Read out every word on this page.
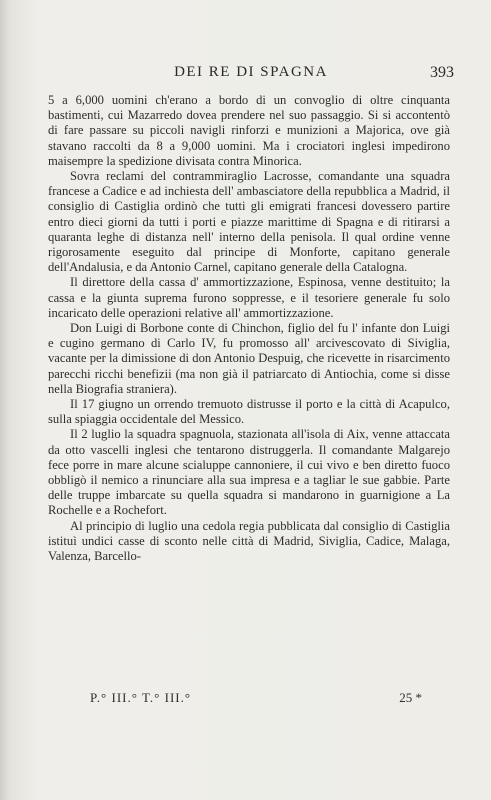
DEI RE DI SPAGNA	393

5 a 6,000 uomini ch'erano a bordo di un convoglio di oltre cinquanta bastimenti, cui Mazarredo dovea prendere nel suo passaggio. Si si accontentò di fare passare su piccoli navigli rinforzi e munizioni a Majorica, ove già stavano raccolti da 8 a 9,000 uomini. Ma i crociatori inglesi impedirono maisempre la spedizione divisata contra Minorica.

Sovra reclami del contrammiraglio Lacrosse, comandante una squadra francese a Cadice e ad inchiesta dell' ambasciatore della repubblica a Madrid, il consiglio di Castiglia ordinò che tutti gli emigrati francesi dovessero partire entro dieci giorni da tutti i porti e piazze marittime di Spagna e di ritirarsi a quaranta leghe di distanza nell' interno della penisola. Il qual ordine venne rigorosamente eseguito dal principe di Monforte, capitano generale dell'Andalusia, e da Antonio Carnel, capitano generale della Catalogna.

Il direttore della cassa d' ammortizzazione, Espinosa, venne destituito; la cassa e la giunta suprema furono soppresse, e il tesoriere generale fu solo incaricato delle operazioni relative all' ammortizzazione.

Don Luigi di Borbone conte di Chinchon, figlio del fu l' infante don Luigi e cugino germano di Carlo IV, fu promosso all' arcivescovato di Siviglia, vacante per la dimissione di don Antonio Despuig, che ricevette in risarcimento parecchi ricchi benefizii (ma non già il patriarcato di Antiochia, come si disse nella Biografia straniera).

Il 17 giugno un orrendo tremuoto distrusse il porto e la città di Acapulco, sulla spiaggia occidentale del Messico.

Il 2 luglio la squadra spagnuola, stazionata all'isola di Aix, venne attaccata da otto vascelli inglesi che tentarono distruggerla. Il comandante Malgarejo fece porre in mare alcune scialuppe cannoniere, il cui vivo e ben diretto fuoco obbligò il nemico a rinunciare alla sua impresa e a tagliar le sue gabbie. Parte delle truppe imbarcate su quella squadra si mandarono in guarnigione a La Rochelle e a Rochefort.

Al principio di luglio una cedola regia pubblicata dal consiglio di Castiglia istituì undici casse di sconto nelle città di Madrid, Siviglia, Cadice, Malaga, Valenza, Barcello-

P.° III.° T.° III.°	25 *
